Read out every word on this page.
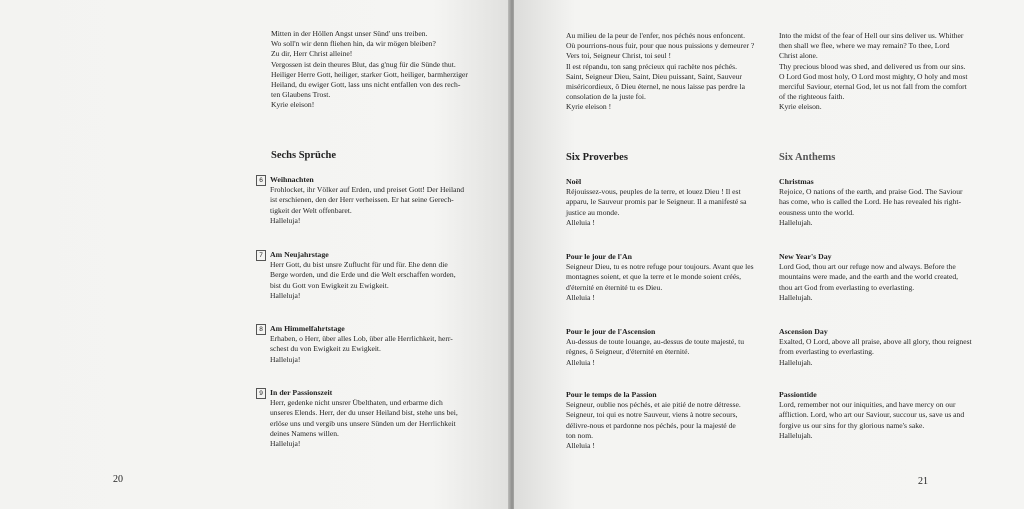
Mitten in der Höllen Angst unser Sünd' uns treiben.

Wo soll'n wir denn fliehen hin, da wir mögen bleiben?

Zu dir, Herr Christ alleine!

Vergossen ist dein theures Blut, das g'nug für die Sünde thut.

Heiliger Herre Gott, heiliger, starker Gott, heiliger, barmherziger

Heiland, du ewiger Gott, lass uns nicht entfallen von des rech-

ten Glaubens Trost.

Kyrie eleison!

Sechs Sprüche

6 Weihnachten

Frohlocket, ihr Völker auf Erden, und preiset Gott! Der Heiland

ist erschienen, den der Herr verheissen. Er hat seine Gerech-

tigkeit der Welt offenbaret.

Halleluja!

7 Am Neujahrstage

Herr Gott, du bist unsre Zuflucht für und für. Ehe denn die

Berge worden, und die Erde und die Welt erschaffen worden,

bist du Gott von Ewigkeit zu Ewigkeit.

Halleluja!

8 Am Himmelfahrtstage

Erhaben, o Herr, über alles Lob, über alle Herrlichkeit, herr-

schest du von Ewigkeit zu Ewigkeit.

Halleluja!

9 In der Passionszeit

Herr, gedenke nicht unsrer Übelthaten, und erbarme dich

unseres Elends. Herr, der du unser Heiland bist, stehe uns bei,

erlöse uns und vergib uns unsere Sünden um der Herrlichkeit

deines Namens willen.

Halleluja!

20

Au milieu de la peur de l'enfer, nos péchés nous enfoncent.

Où pourrions-nous fuir, pour que nous puissions y demeurer ?

Vers toi, Seigneur Christ, toi seul !

Il est répandu, ton sang précieux qui rachète nos péchés.

Saint, Seigneur Dieu, Saint, Dieu puissant, Saint, Sauveur

miséricordieux, ô Dieu éternel, ne nous laisse pas perdre la

consolation de la juste foi.

Kyrie eleison !

Six Proverbes

Noël

Réjouissez-vous, peuples de la terre, et louez Dieu ! Il est

apparu, le Sauveur promis par le Seigneur. Il a manifesté sa

justice au monde.

Alleluia !

Pour le jour de l'An

Seigneur Dieu, tu es notre refuge pour toujours. Avant que les

montagnes soient, et que la terre et le monde soient créés,

d'éternité en éternité tu es Dieu.

Alleluia !

Pour le jour de l'Ascension

Au-dessus de toute louange, au-dessus de toute majesté, tu

règnes, ô Seigneur, d'éternité en éternité.

Alleluia !

Pour le temps de la Passion

Seigneur, oublie nos péchés, et aie pitié de notre détresse.

Seigneur, toi qui es notre Sauveur, viens à notre secours,

délivre-nous et pardonne nos péchés, pour la majesté de

ton nom.

Alleluia !

Into the midst of the fear of Hell our sins deliver us. Whither

then shall we flee, where we may remain? To thee, Lord

Christ alone.

Thy precious blood was shed, and delivered us from our sins.

O Lord God most holy, O Lord most mighty, O holy and most

merciful Saviour, eternal God, let us not fall from the comfort

of the righteous faith.

Kyrie eleison.

Six Anthems

Christmas

Rejoice, O nations of the earth, and praise God. The Saviour

has come, who is called the Lord. He has revealed his right-

eousness unto the world.

Hallelujah.

New Year's Day

Lord God, thou art our refuge now and always. Before the

mountains were made, and the earth and the world created,

thou art God from everlasting to everlasting.

Hallelujah.

Ascension Day

Exalted, O Lord, above all praise, above all glory, thou reignest

from everlasting to everlasting.

Hallelujah.

Passiontide

Lord, remember not our iniquities, and have mercy on our

affliction. Lord, who art our Saviour, succour us, save us and

forgive us our sins for thy glorious name's sake.

Hallelujah.

21
